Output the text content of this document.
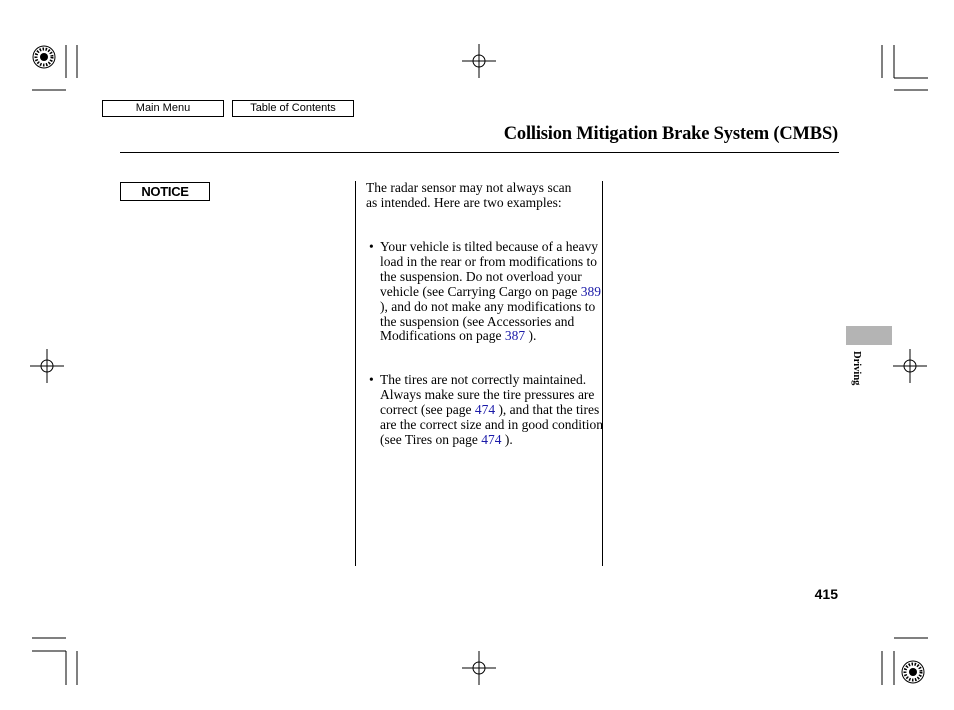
Main Menu	Table of Contents
Collision Mitigation Brake System (CMBS)
NOTICE	The radar sensor may not always scan as intended. Here are two examples:
• Your vehicle is tilted because of a heavy load in the rear or from modifications to the suspension. Do not overload your vehicle (see Carrying Cargo on page 389 ), and do not make any modifications to the suspension (see Accessories and Modifications on page 387 ).
• The tires are not correctly maintained. Always make sure the tire pressures are correct (see page 474 ), and that the tires are the correct size and in good condition (see Tires on page 474 ).
Driving
415
